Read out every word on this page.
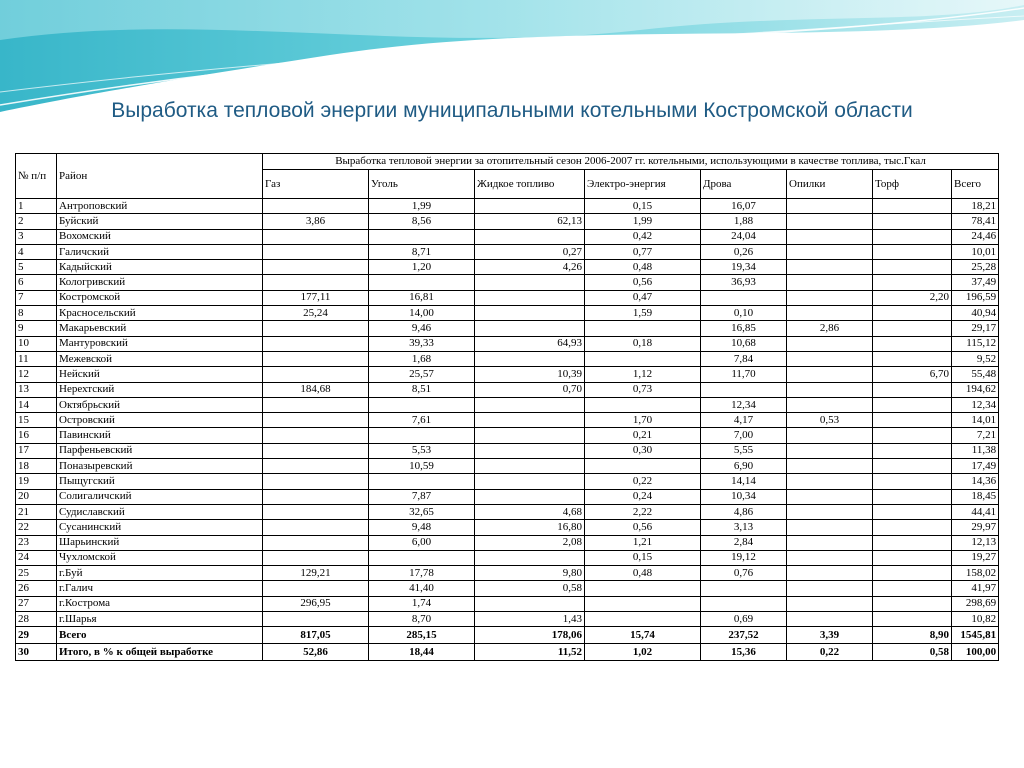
Выработка тепловой энергии муниципальными котельными Костромской области
№ п/п	Район	Выработка тепловой энергии за отопительный сезон 2006-2007 гг. котельными, использующими в качестве топлива, тыс.Гкал							
		Газ	Уголь	Жидкое топливо	Электро-энергия	Дрова	Опилки	Торф	Всего
1	Антроповский		1,99		0,15	16,07			18,21
2	Буйский	3,86	8,56	62,13	1,99	1,88			78,41
3	Вохомский				0,42	24,04			24,46
4	Галичский		8,71	0,27	0,77	0,26			10,01
5	Кадыйский		1,20	4,26	0,48	19,34			25,28
6	Кологривский				0,56	36,93			37,49
7	Костромской	177,11	16,81		0,47			2,20	196,59
8	Красносельский	25,24	14,00		1,59	0,10			40,94
9	Макарьевский		9,46			16,85	2,86		29,17
10	Мантуровский		39,33	64,93	0,18	10,68			115,12
11	Межевской		1,68			7,84			9,52
12	Нейский		25,57	10,39	1,12	11,70		6,70	55,48
13	Нерехтский	184,68	8,51	0,70	0,73				194,62
14	Октябрьский					12,34			12,34
15	Островский		7,61		1,70	4,17	0,53		14,01
16	Павинский				0,21	7,00			7,21
17	Парфеньевский		5,53		0,30	5,55			11,38
18	Поназыревский		10,59			6,90			17,49
19	Пыщугский				0,22	14,14			14,36
20	Солигаличский		7,87		0,24	10,34			18,45
21	Судиславский		32,65	4,68	2,22	4,86			44,41
22	Сусанинский		9,48	16,80	0,56	3,13			29,97
23	Шарьинский		6,00	2,08	1,21	2,84			12,13
24	Чухломской				0,15	19,12			19,27
25	г.Буй	129,21	17,78	9,80	0,48	0,76			158,02
26	г.Галич		41,40	0,58					41,97
27	г.Кострома	296,95	1,74						298,69
28	г.Шарья		8,70	1,43		0,69			10,82
29	Всего	817,05	285,15	178,06	15,74	237,52	3,39	8,90	1545,81
30	Итого, в % к общей выработке	52,86	18,44	11,52	1,02	15,36	0,22	0,58	100,00
